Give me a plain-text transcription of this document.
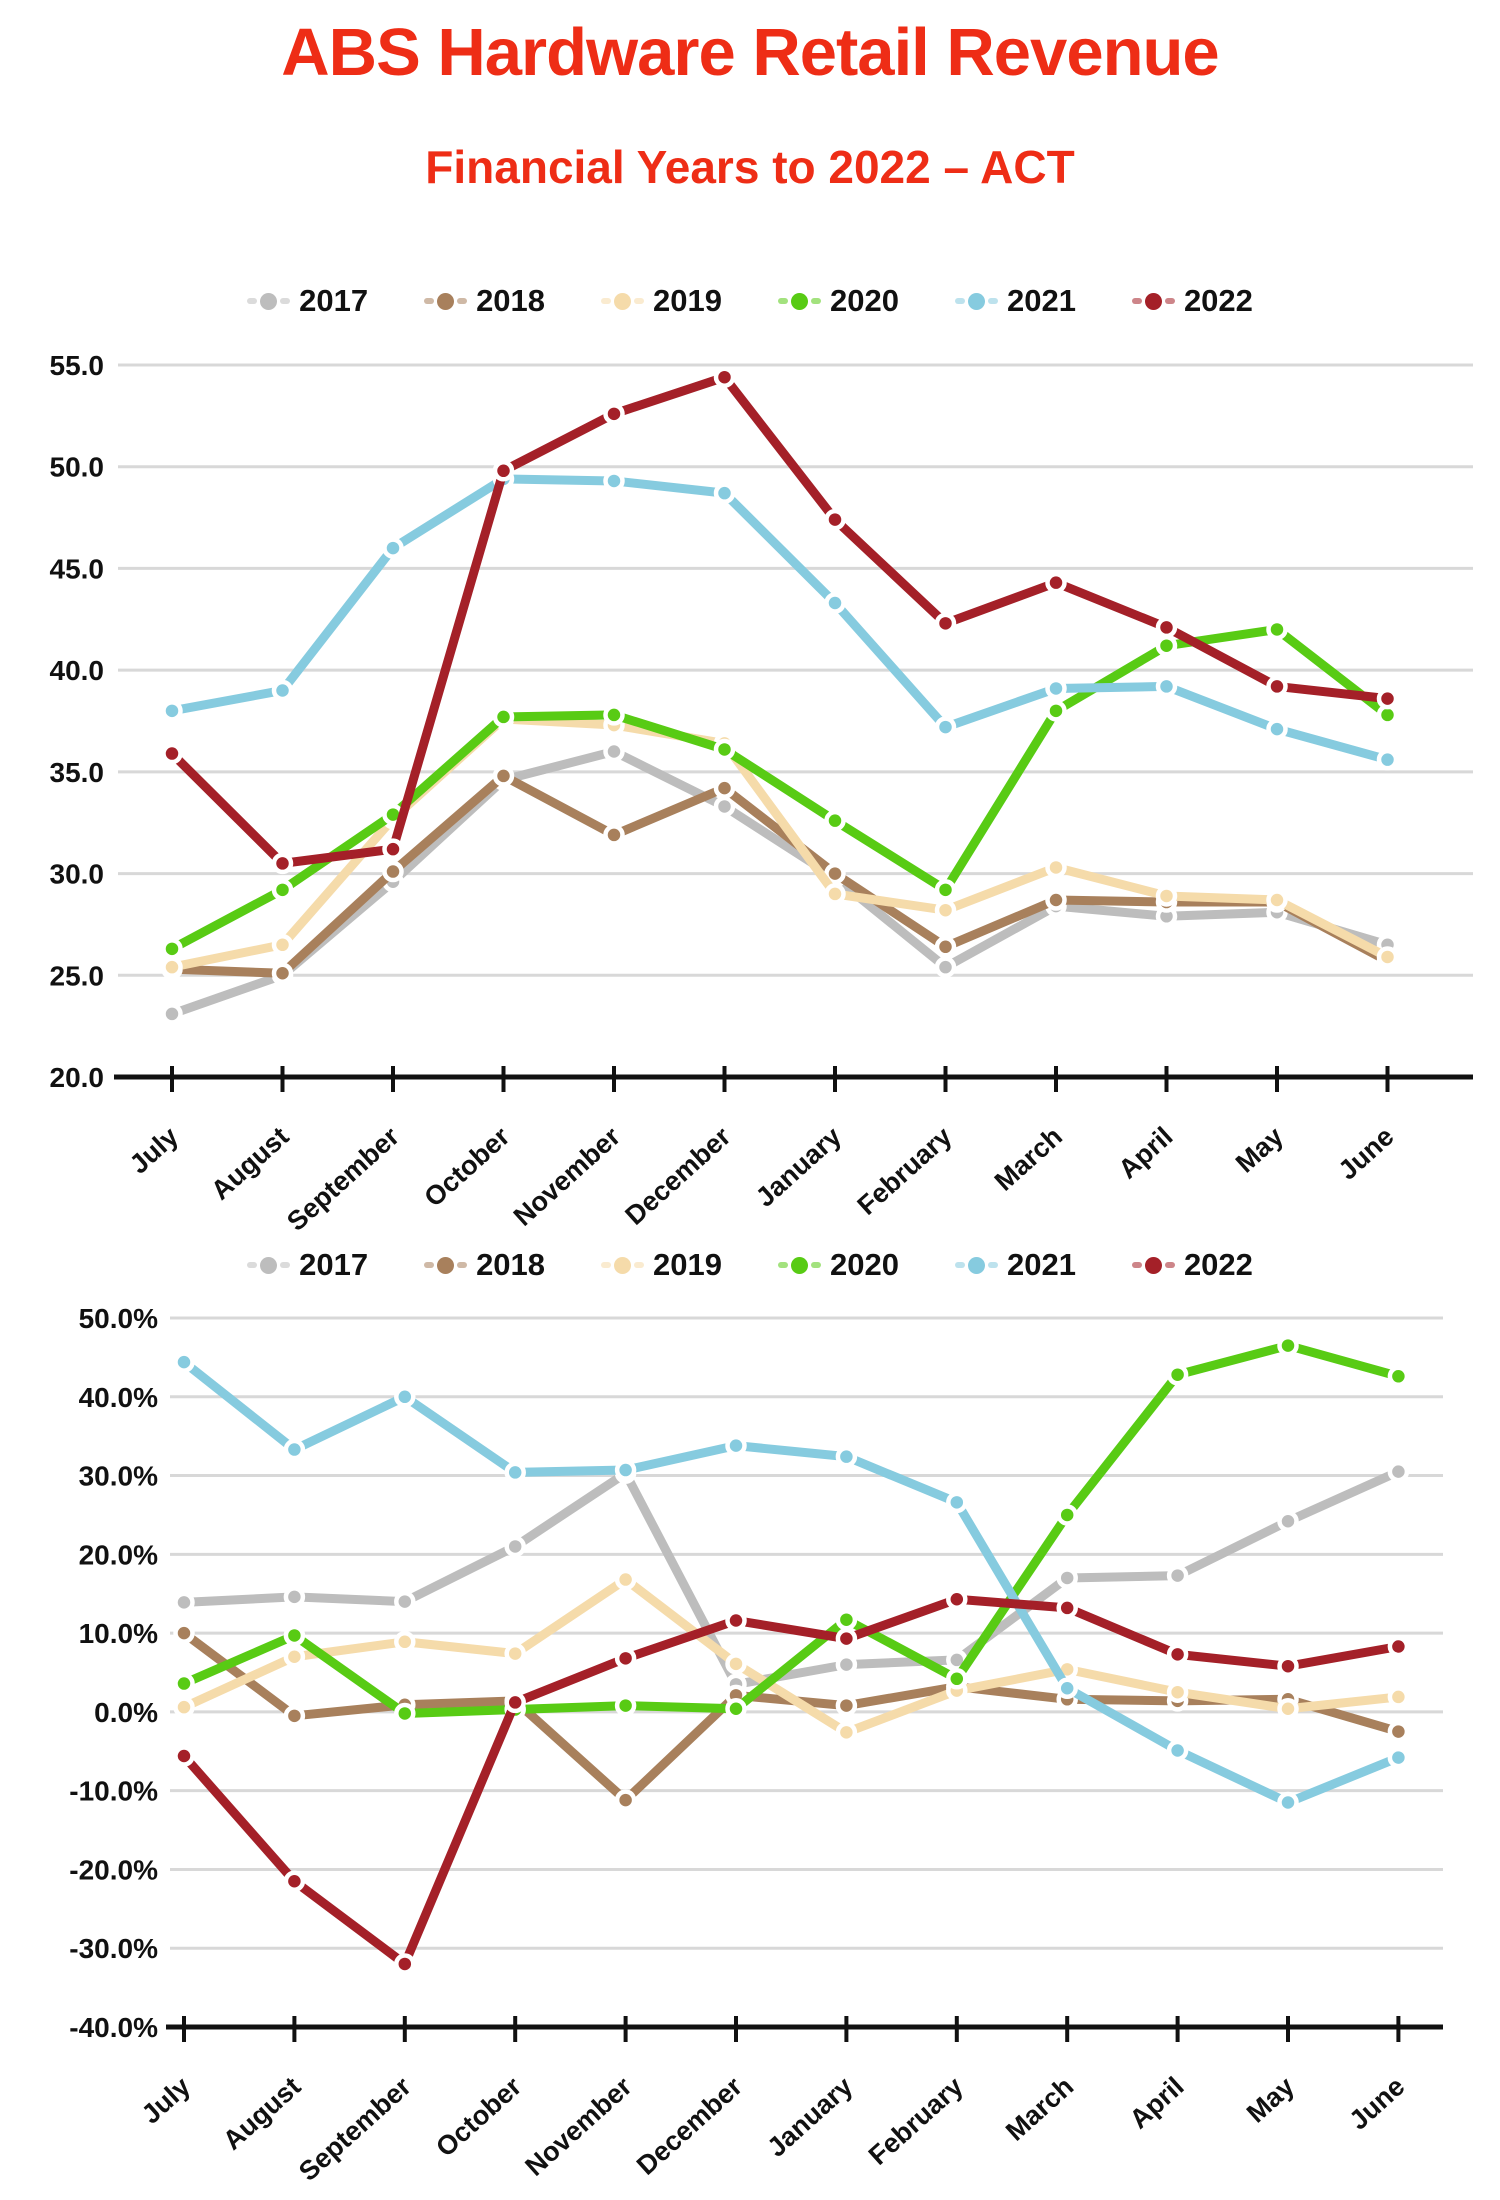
ABS Hardware Retail Revenue
Financial Years to 2022 – ACT
2017	2018	2019	2020	2021	2022
55.0
50.0
45.0
40.0
35.0
30.0
25.0
20.0
July August
September October
November
December January February March April May June
2017	2018	2019	2020	2021	2022
50.0%
40.0%
30.0%
20.0%
10.0%
0.0%
-10.0%
-20.0%
-30.0%
-40.0%
July August
September October
November
December January February March April May June
